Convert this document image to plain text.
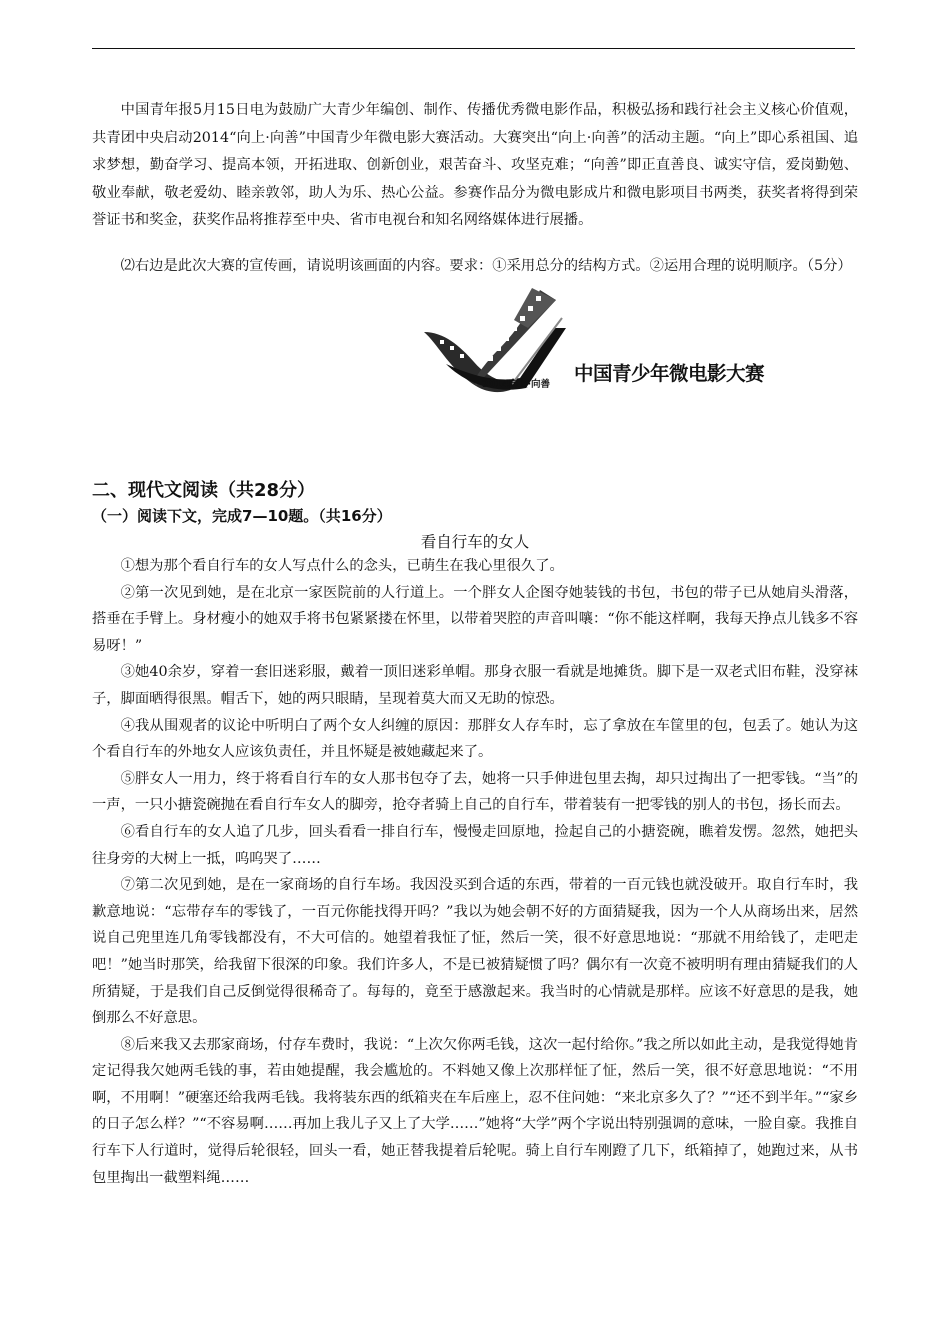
中国青年报5月15日电为鼓励广大青少年编创、制作、传播优秀微电影作品，积极弘扬和践行社会主义核心价值观，共青团中央启动2014“向上·向善”中国青少年微电影大赛活动。大赛突出“向上·向善”的活动主题。“向上”即心系祖国、追求梦想，勤奋学习、提高本领，开拓进取、创新创业，艰苦奋斗、攻坚克难；“向善”即正直善良、诚实守信，爱岗勤勉、敬业奉献，敬老爱幼、睦亲敦邻，助人为乐、热心公益。参赛作品分为微电影成片和微电影项目书两类，获奖者将得到荣誉证书和奖金，获奖作品将推荐至中央、省市电视台和知名网络媒体进行展播。

⑵右边是此次大赛的宣传画，请说明该画面的内容。要求：①采用总分的结构方式。②运用合理的说明顺序。（5分）

2014向上·向善 中国青少年微电影大赛
二、现代文阅读（共28分）
（一）阅读下文，完成7—10题。（共16分）
看自行车的女人

①想为那个看自行车的女人写点什么的念头，已萌生在我心里很久了。

②第一次见到她，是在北京一家医院前的人行道上。一个胖女人企图夺她装钱的书包，书包的带子已从她肩头滑落，搭垂在手臂上。身材瘦小的她双手将书包紧紧搂在怀里，以带着哭腔的声音叫嚷：“你不能这样啊，我每天挣点儿钱多不容易呀！”

③她40余岁，穿着一套旧迷彩服，戴着一顶旧迷彩单帽。那身衣服一看就是地摊货。脚下是一双老式旧布鞋，没穿袜子，脚面晒得很黑。帽舌下，她的两只眼睛，呈现着莫大而又无助的惊恐。

④我从围观者的议论中听明白了两个女人纠缠的原因：那胖女人存车时，忘了拿放在车筐里的包，包丢了。她认为这个看自行车的外地女人应该负责任，并且怀疑是被她藏起来了。

⑤胖女人一用力，终于将看自行车的女人那书包夺了去，她将一只手伸进包里去掏，却只过掏出了一把零钱。“当”的一声，一只小搪瓷碗抛在看自行车女人的脚旁，抢夺者骑上自己的自行车，带着装有一把零钱的别人的书包，扬长而去。

⑥看自行车的女人追了几步，回头看看一排自行车，慢慢走回原地，捡起自己的小搪瓷碗，瞧着发愣。忽然，她把头往身旁的大树上一抵，呜呜哭了……

⑦第二次见到她，是在一家商场的自行车场。我因没买到合适的东西，带着的一百元钱也就没破开。取自行车时，我歉意地说：“忘带存车的零钱了，一百元你能找得开吗？”我以为她会朝不好的方面猜疑我，因为一个人从商场出来，居然说自己兜里连几角零钱都没有，不大可信的。她望着我怔了怔，然后一笑，很不好意思地说：“那就不用给钱了，走吧走吧！”她当时那笑，给我留下很深的印象。我们许多人，不是已被猜疑惯了吗？偶尔有一次竟不被明明有理由猜疑我们的人所猜疑，于是我们自己反倒觉得很稀奇了。每每的，竟至于感激起来。我当时的心情就是那样。应该不好意思的是我，她倒那么不好意思。

⑧后来我又去那家商场，付存车费时，我说：“上次欠你两毛钱，这次一起付给你。”我之所以如此主动，是我觉得她肯定记得我欠她两毛钱的事，若由她提醒，我会尴尬的。不料她又像上次那样怔了怔，然后一笑，很不好意思地说：“不用啊，不用啊！”硬塞还给我两毛钱。我将装东西的纸箱夹在车后座上，忍不住问她：“来北京多久了？”“还不到半年。”“家乡的日子怎么样？”“不容易啊……再加上我儿子又上了大学……”她将“大学”两个字说出特别强调的意味，一脸自豪。我推自行车下人行道时，觉得后轮很轻，回头一看，她正替我提着后轮呢。骑上自行车刚蹬了几下，纸箱掉了，她跑过来，从书包里掏出一截塑料绳……
